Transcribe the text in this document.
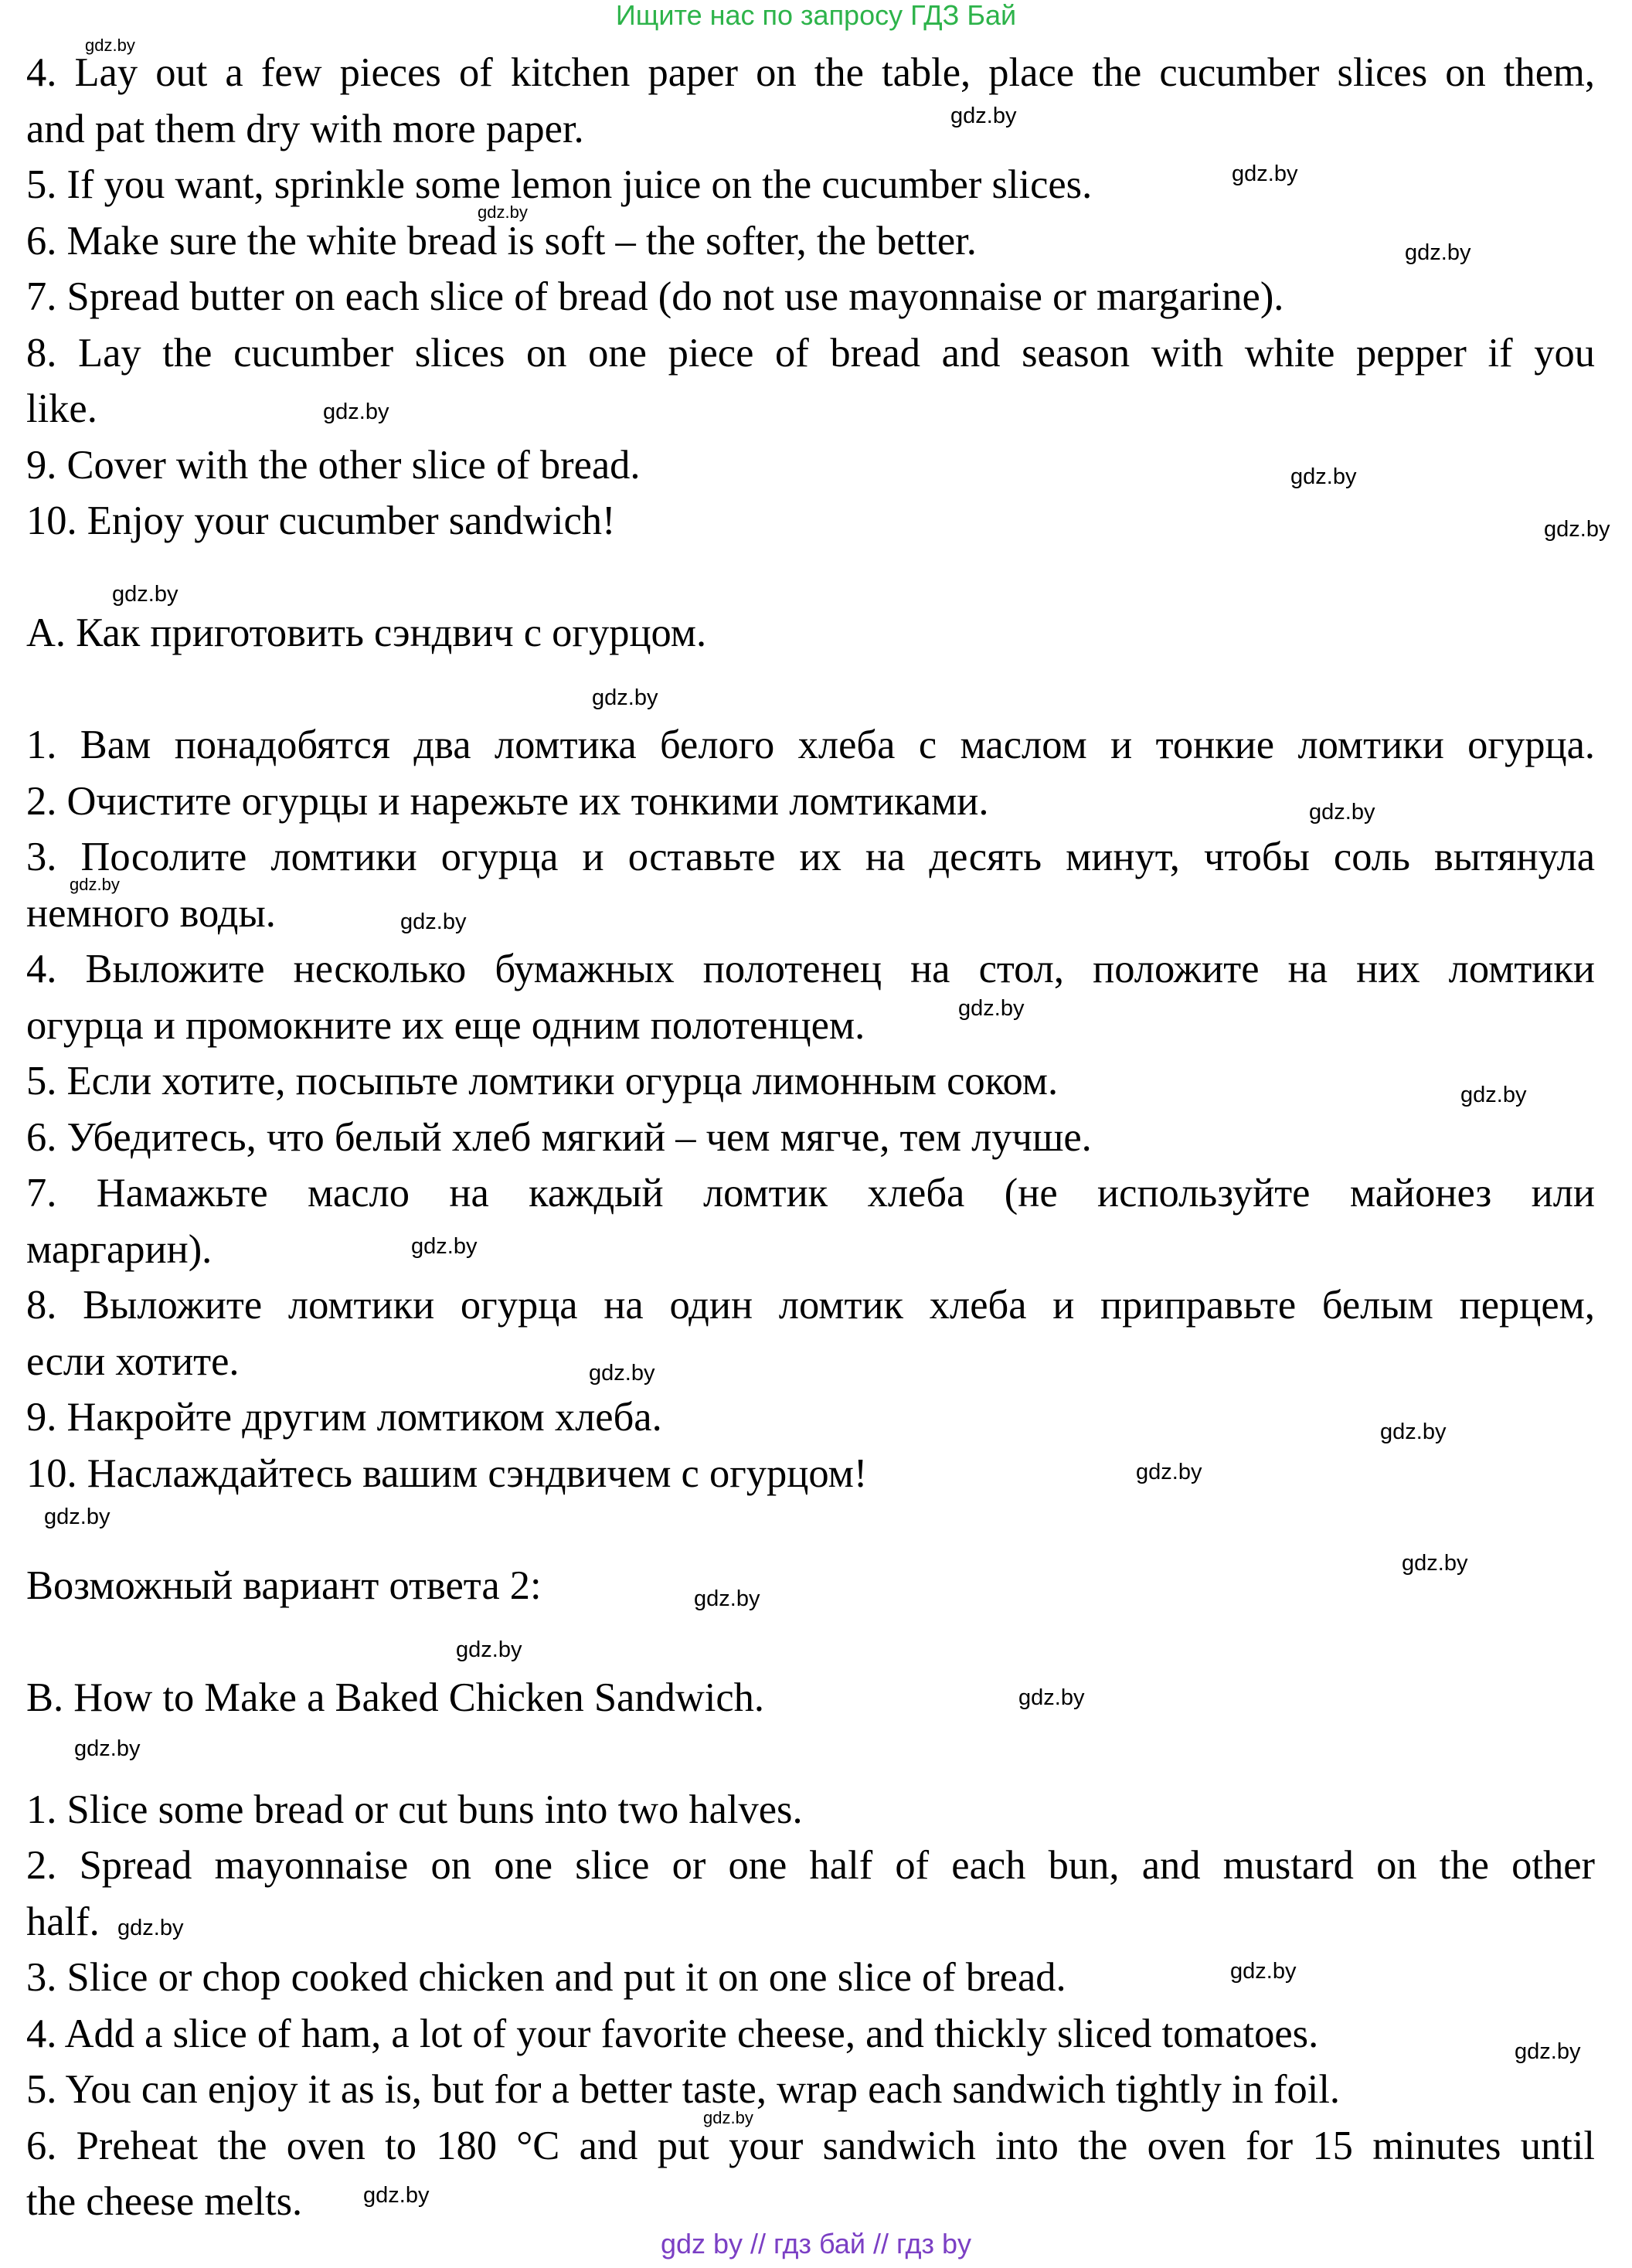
Ищите нас по запросу ГДЗ Бай
4. Lay out a few pieces of kitchen paper on the table, place the cucumber slices on them,
and pat them dry with more paper.
5. If you want, sprinkle some lemon juice on the cucumber slices.
6. Make sure the white bread is soft – the softer, the better.
7. Spread butter on each slice of bread (do not use mayonnaise or margarine).
8. Lay the cucumber slices on one piece of bread and season with white pepper if you
like.
9. Cover with the other slice of bread.
10. Enjoy your cucumber sandwich!
А. Как приготовить сэндвич с огурцом.
1. Вам понадобятся два ломтика белого хлеба с маслом и тонкие ломтики огурца.
2. Очистите огурцы и нарежьте их тонкими ломтиками.
3. Посолите ломтики огурца и оставьте их на десять минут, чтобы соль вытянула
немного воды.
4. Выложите несколько бумажных полотенец на стол, положите на них ломтики
огурца и промокните их еще одним полотенцем.
5. Если хотите, посыпьте ломтики огурца лимонным соком.
6. Убедитесь, что белый хлеб мягкий – чем мягче, тем лучше.
7. Намажьте масло на каждый ломтик хлеба (не используйте майонез или
маргарин).
8. Выложите ломтики огурца на один ломтик хлеба и приправьте белым перцем,
если хотите.
9. Накройте другим ломтиком хлеба.
10. Наслаждайтесь вашим сэндвичем с огурцом!
Возможный вариант ответа 2:
B. How to Make a Baked Chicken Sandwich.
1. Slice some bread or cut buns into two halves.
2. Spread mayonnaise on one slice or one half of each bun, and mustard on the other
half.
3. Slice or chop cooked chicken and put it on one slice of bread.
4. Add a slice of ham, a lot of your favorite cheese, and thickly sliced tomatoes.
5. You can enjoy it as is, but for a better taste, wrap each sandwich tightly in foil.
6. Preheat the oven to 180 °C and put your sandwich into the oven for 15 minutes until
the cheese melts.
gdz.by
gdz.by
gdz.by
gdz.by
gdz.by
gdz.by
gdz.by
gdz.by
gdz.by
gdz.by
gdz.by
gdz.by
gdz.by
gdz.by
gdz.by
gdz.by
gdz.by
gdz.by
gdz.by
gdz.by
gdz.by
gdz.by
gdz.by
gdz.by
gdz.by
gdz.by
gdz.by
gdz.by
gdz.by
gdz.by
gdz by // гдз бай // гдз by
